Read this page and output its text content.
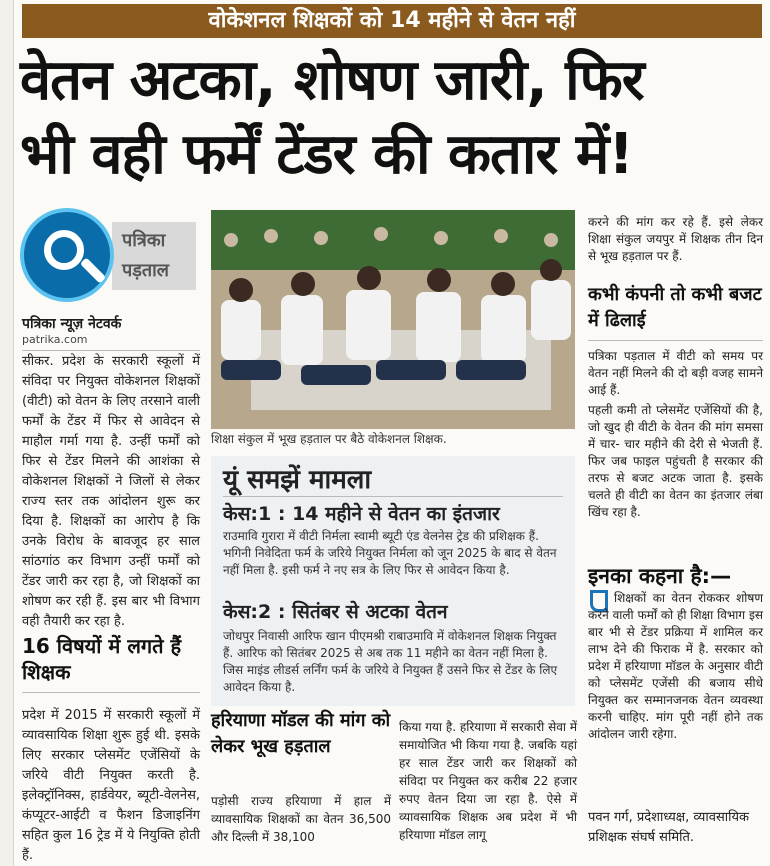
वोकेशनल शिक्षकों को 14 महीने से वेतन नहीं
वेतन अटका, शोषण जारी, फिर
भी वही फर्में टेंडर की कतार में!
पत्रिका
पड़ताल
पत्रिका न्यूज़ नेटवर्क
patrika.com
सीकर. प्रदेश के सरकारी स्कूलों में संविदा पर नियुक्त वोकेशनल शिक्षकों (वीटी) को वेतन के लिए तरसाने वाली फर्मों के टेंडर में फिर से आवेदन से माहौल गर्मा गया है. उन्हीं फर्मों को फिर से टेंडर मिलने की आशंका से वोकेशनल शिक्षकों ने जिलों से लेकर राज्य स्तर तक आंदोलन शुरू कर दिया है. शिक्षकों का आरोप है कि उनके विरोध के बावजूद हर साल सांठगांठ कर विभाग उन्हीं फर्मों को टेंडर जारी कर रहा है, जो शिक्षकों का शोषण कर रही हैं. इस बार भी विभाग वही तैयारी कर रहा है.
16 विषयों में लगते हैं शिक्षक
प्रदेश में 2015 में सरकारी स्कूलों में व्यावसायिक शिक्षा शुरू हुई थी. इसके लिए सरकार प्लेसमेंट एजेंसियों के जरिये वीटी नियुक्त करती है. इलेक्ट्रॉनिक्स, हार्डवेयर, ब्यूटी-वेलनेस, कंप्यूटर-आईटी व फैशन डिजाइनिंग सहित कुल 16 ट्रेड में ये नियुक्ति होती हैं.
शिक्षा संकुल में भूख हड़ताल पर बैठे वोकेशनल शिक्षक.
यूं समझें मामला
केस:1 : 14 महीने से वेतन का इंतजार
राउमावि गुरारा में वीटी निर्मला स्वामी ब्यूटी एंड वेलनेस ट्रेड की प्रशिक्षक हैं. भगिनी निवेदिता फर्म के जरिये नियुक्त निर्मला को जून 2025 के बाद से वेतन नहीं मिला है. इसी फर्म ने नए सत्र के लिए फिर से आवेदन किया है.
केस:2 : सितंबर से अटका वेतन
जोधपुर निवासी आरिफ खान पीएमश्री राबाउमावि में वोकेशनल शिक्षक नियुक्त हैं. आरिफ को सितंबर 2025 से अब तक 11 महीने का वेतन नहीं मिला है. जिस माइंड लीडर्स लर्निंग फर्म के जरिये वे नियुक्त हैं उसने फिर से टेंडर के लिए आवेदन किया है.
हरियाणा मॉडल की मांग को लेकर भूख हड़ताल
पड़ोसी राज्य हरियाणा में हाल में व्यावसायिक शिक्षकों का वेतन 36,500 और दिल्ली में 38,100
किया गया है. हरियाणा में सरकारी सेवा में समायोजित भी किया गया है. जबकि यहां हर साल टेंडर जारी कर शिक्षकों को संविदा पर नियुक्त कर करीब 22 हजार रुपए वेतन दिया जा रहा है. ऐसे में व्यावसायिक शिक्षक अब प्रदेश में भी हरियाणा मॉडल लागू
करने की मांग कर रहे हैं. इसे लेकर शिक्षा संकुल जयपुर में शिक्षक तीन दिन से भूख हड़ताल पर हैं.
कभी कंपनी तो कभी बजट में ढिलाई
पत्रिका पड़ताल में वीटी को समय पर वेतन नहीं मिलने की दो बड़ी वजह सामने आई हैं.
पहली कमी तो प्लेसमेंट एजेंसियों की है, जो खुद ही वीटी के वेतन की मांग समसा में चार- चार महीने की देरी से भेजती हैं. फिर जब फाइल पहुंचती है सरकार की तरफ से बजट अटक जाता है. इसके चलते ही वीटी का वेतन का इंतजार लंबा खिंच रहा है.
इनका कहना है:—
शिक्षकों का वेतन रोककर शोषण करने वाली फर्मों को ही शिक्षा विभाग इस बार भी से टेंडर प्रक्रिया में शामिल कर लाभ देने की फिराक में है. सरकार को प्रदेश में हरियाणा मॉडल के अनुसार वीटी को प्लेसमेंट एजेंसी की बजाय सीधे नियुक्त कर सम्मानजनक वेतन व्यवस्था करनी चाहिए. मांग पूरी नहीं होने तक आंदोलन जारी रहेगा.
पवन गर्ग, प्रदेशाध्यक्ष, व्यावसायिक प्रशिक्षक संघर्ष समिति.
